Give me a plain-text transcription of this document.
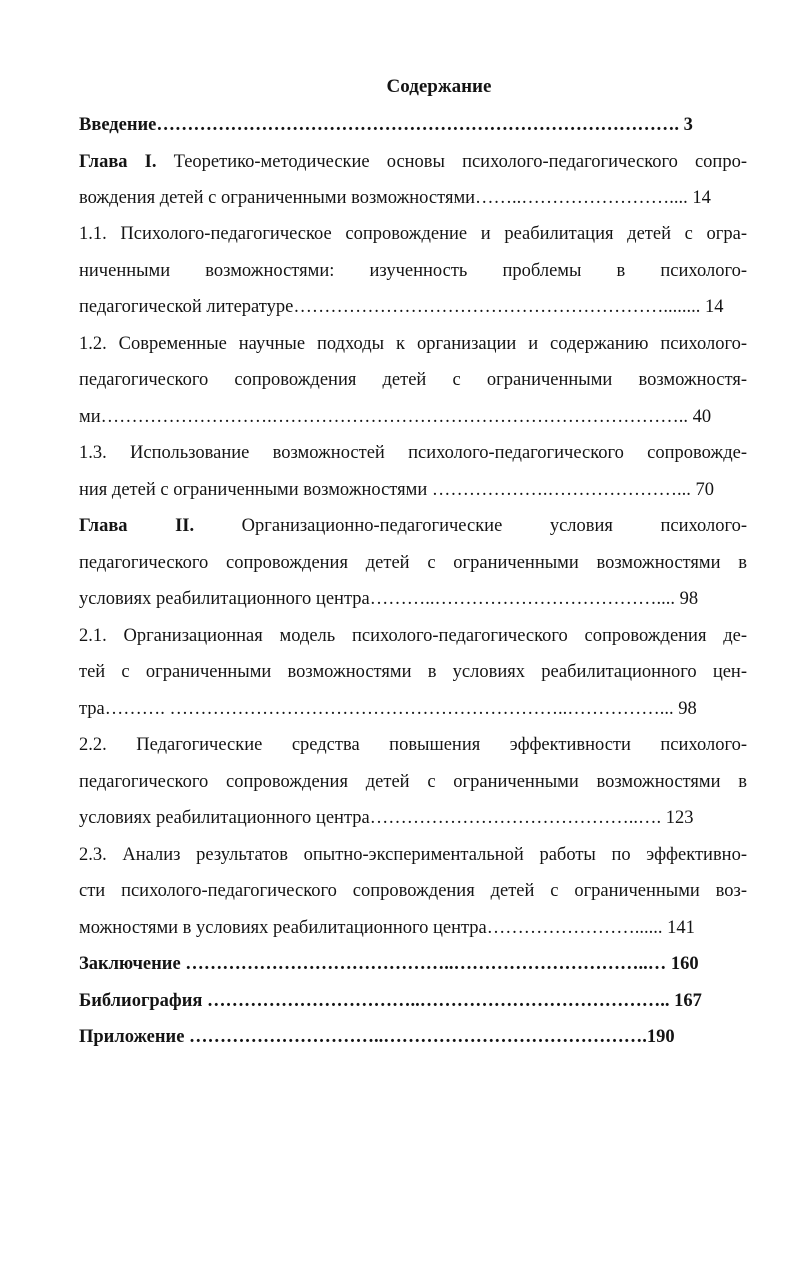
Содержание
Введение…………………………………………………………………………. 3
Глава I. Теоретико-методические основы психолого-педагогического сопро-
вождения детей с ограниченными возможностями……..…………………….... 14
1.1. Психолого-педагогическое сопровождение и реабилитация детей с огра-
ниченными возможностями: изученность проблемы в психолого-
педагогической литературе……………………………………………………........ 14
1.2. Современные научные подходы к организации и содержанию психолого-
педагогического сопровождения детей с ограниченными возможностя-
ми……………………….………………………………………………………….. 40
1.3. Использование возможностей психолого-педагогического сопровожде-
ния детей с ограниченными возможностями ……………….…………………... 70
Глава	II.	Организационно-педагогические	условия	психолого-
педагогического сопровождения детей с ограниченными возможностями в
условиях реабилитационного центра………..……………………………….... 98
2.1. Организационная модель психолого-педагогического сопровождения де-
тей с ограниченными возможностями в условиях реабилитационного цен-
тра………. ………………………………………………………..……………... 98
2.2. Педагогические средства повышения эффективности психолого-
педагогического сопровождения детей с ограниченными возможностями в
условиях реабилитационного центра……………………………………..…. 123
2.3. Анализ результатов опытно-экспериментальной работы по эффективно-
сти психолого-педагогического сопровождения детей с ограниченными воз-
можностями в условиях реабилитационного центра……………………...... 141
Заключение ……………………………………..…………………………..… 160
Библиография ……………………………..………………………………….. 167
Приложение …………………………..…………………………………….190
